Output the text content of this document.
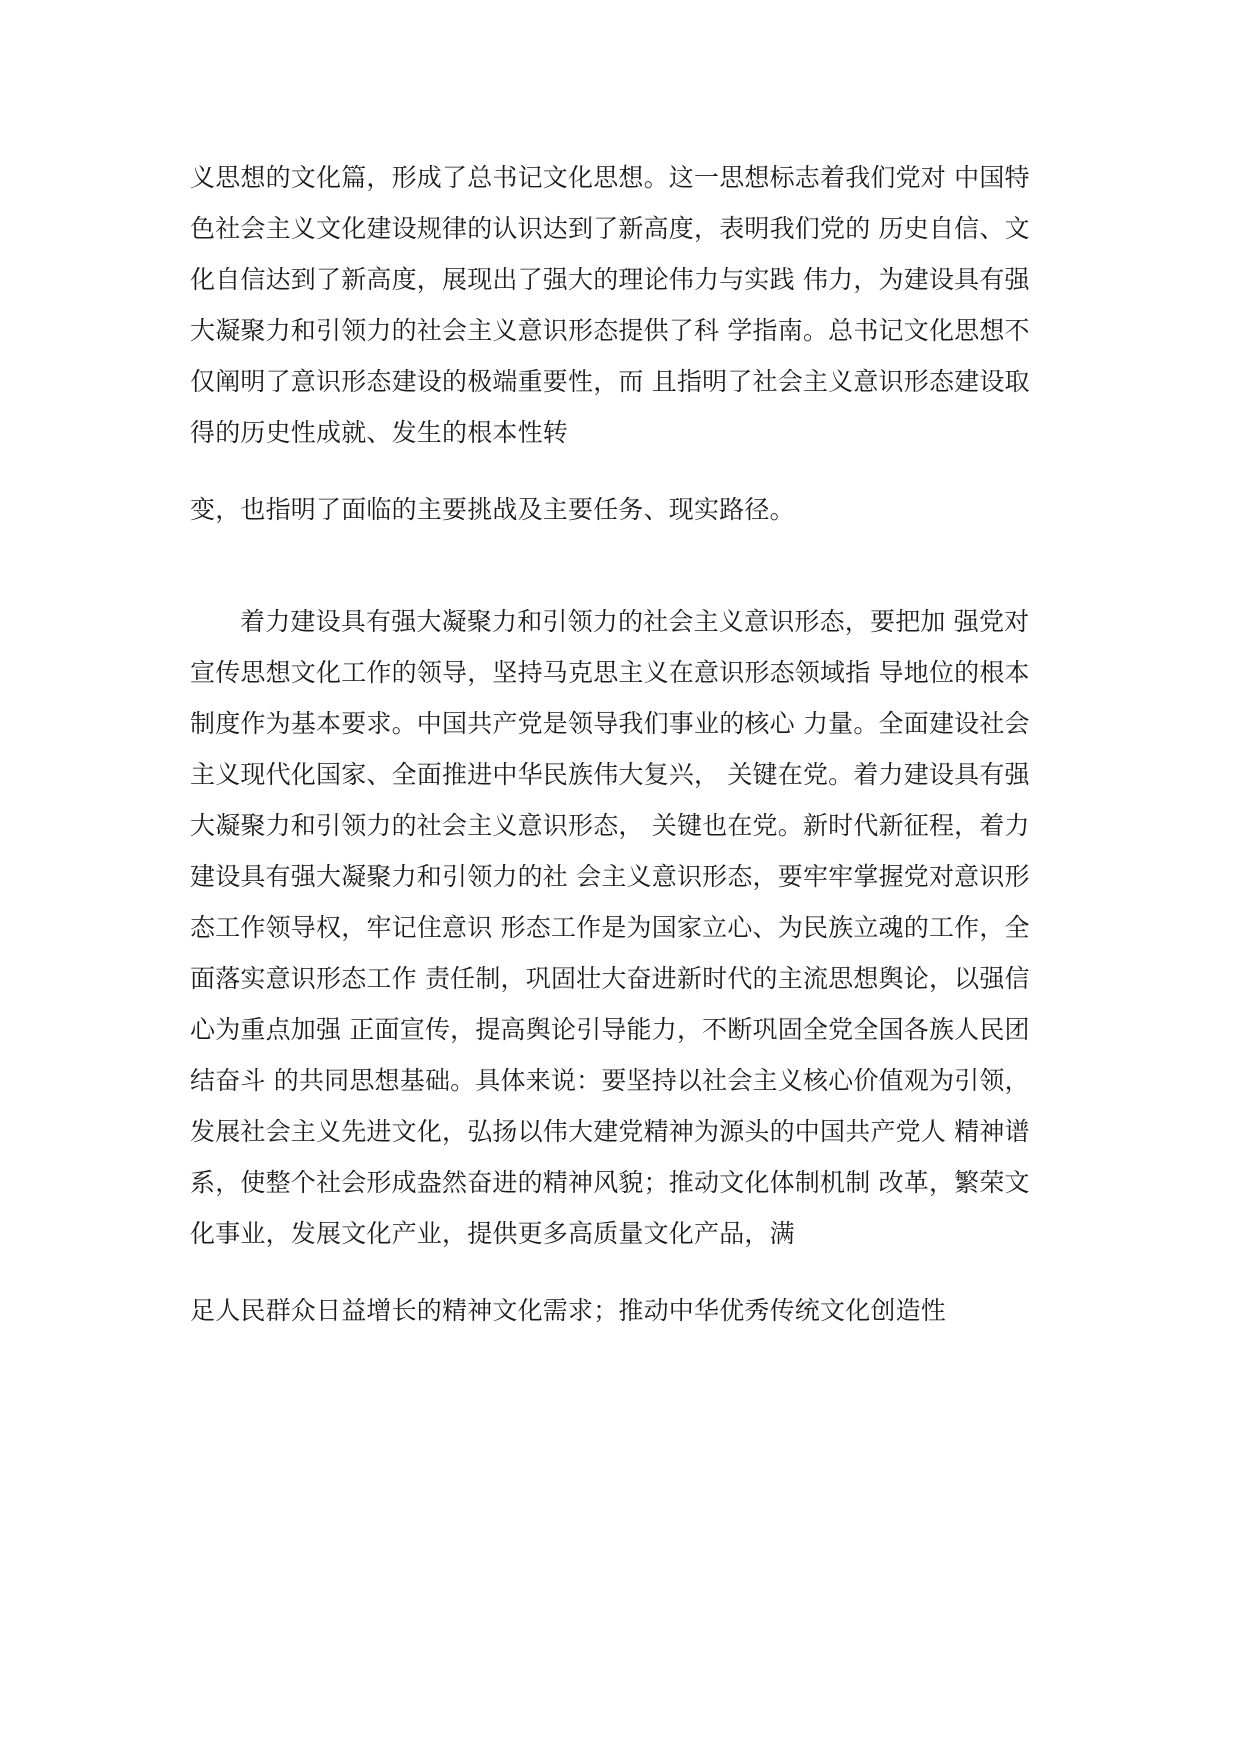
义思想的文化篇，形成了总书记文化思想。这一思想标志着我们党对 中国特
色社会主义文化建设规律的认识达到了新高度，表明我们党的 历史自信、文
化自信达到了新高度，展现出了强大的理论伟力与实践 伟力，为建设具有强
大凝聚力和引领力的社会主义意识形态提供了科 学指南。总书记文化思想不
仅阐明了意识形态建设的极端重要性，而 且指明了社会主义意识形态建设取
得的历史性成就、发生的根本性转
变，也指明了面临的主要挑战及主要任务、现实路径。
着力建设具有强大凝聚力和引领力的社会主义意识形态，要把加 强党对
宣传思想文化工作的领导，坚持马克思主义在意识形态领域指 导地位的根本
制度作为基本要求。中国共产党是领导我们事业的核心 力量。全面建设社会
主义现代化国家、全面推进中华民族伟大复兴， 关键在党。着力建设具有强
大凝聚力和引领力的社会主义意识形态， 关键也在党。新时代新征程，着力
建设具有强大凝聚力和引领力的社 会主义意识形态，要牢牢掌握党对意识形
态工作领导权，牢记住意识 形态工作是为国家立心、为民族立魂的工作，全
面落实意识形态工作 责任制，巩固壮大奋进新时代的主流思想舆论，以强信
心为重点加强 正面宣传，提高舆论引导能力，不断巩固全党全国各族人民团
结奋斗 的共同思想基础。具体来说：要坚持以社会主义核心价值观为引领，
发展社会主义先进文化，弘扬以伟大建党精神为源头的中国共产党人 精神谱
系，使整个社会形成盎然奋进的精神风貌；推动文化体制机制 改革，繁荣文
化事业，发展文化产业，提供更多高质量文化产品，满
足人民群众日益增长的精神文化需求；推动中华优秀传统文化创造性
